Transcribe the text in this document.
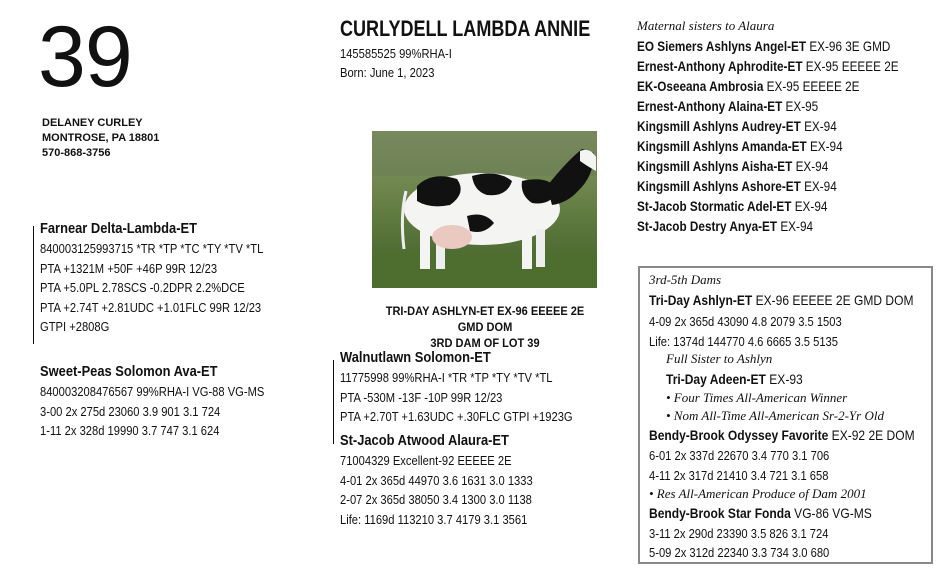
39
DELANEY CURLEY
MONTROSE, PA 18801
570-868-3756
CURLYDELL LAMBDA ANNIE
145585525 99%RHA-I
Born: June 1, 2023
TRI-DAY ASHLYN-ET EX-96 EEEEE 2E GMD DOM
3RD DAM OF LOT 39
Farnear Delta-Lambda-ET
840003125993715 *TR *TP *TC *TY *TV *TL
PTA +1321M +50F +46P 99R 12/23
PTA +5.0PL 2.78SCS -0.2DPR 2.2%DCE
PTA +2.74T +2.81UDC +1.01FLC 99R 12/23
GTPI +2808G
Sweet-Peas Solomon Ava-ET
840003208476567 99%RHA-I VG-88 VG-MS
3-00 2x 275d 23060 3.9 901 3.1 724
1-11 2x 328d 19990 3.7 747 3.1 624
Walnutlawn Solomon-ET
11775998 99%RHA-I *TR *TP *TY *TV *TL
PTA -530M -13F -10P 99R 12/23
PTA +2.70T +1.63UDC +.30FLC GTPI +1923G
St-Jacob Atwood Alaura-ET
71004329 Excellent-92 EEEEE 2E
4-01 2x 365d 44970 3.6 1631 3.0 1333
2-07 2x 365d 38050 3.4 1300 3.0 1138
Life: 1169d 113210 3.7 4179 3.1 3561
Maternal sisters to Alaura
EO Siemers Ashlyns Angel-ET EX-96 3E GMD
Ernest-Anthony Aphrodite-ET EX-95 EEEEE 2E
EK-Oseeana Ambrosia EX-95 EEEEE 2E
Ernest-Anthony Alaina-ET EX-95
Kingsmill Ashlyns Audrey-ET EX-94
Kingsmill Ashlyns Amanda-ET EX-94
Kingsmill Ashlyns Aisha-ET EX-94
Kingsmill Ashlyns Ashore-ET EX-94
St-Jacob Stormatic Adel-ET EX-94
St-Jacob Destry Anya-ET EX-94
3rd-5th Dams
Tri-Day Ashlyn-ET EX-96 EEEEE 2E GMD DOM
4-09 2x 365d 43090 4.8 2079 3.5 1503
Life: 1374d 144770 4.6 6665 3.5 5135
Full Sister to Ashlyn
Tri-Day Adeen-ET EX-93
• Four Times All-American Winner
• Nom All-Time All-American Sr-2-Yr Old
Bendy-Brook Odyssey Favorite EX-92 2E DOM
6-01 2x 337d 22670 3.4 770 3.1 706
4-11 2x 317d 21410 3.4 721 3.1 658
• Res All-American Produce of Dam 2001
Bendy-Brook Star Fonda VG-86 VG-MS
3-11 2x 290d 23390 3.5 826 3.1 724
5-09 2x 312d 22340 3.3 734 3.0 680
